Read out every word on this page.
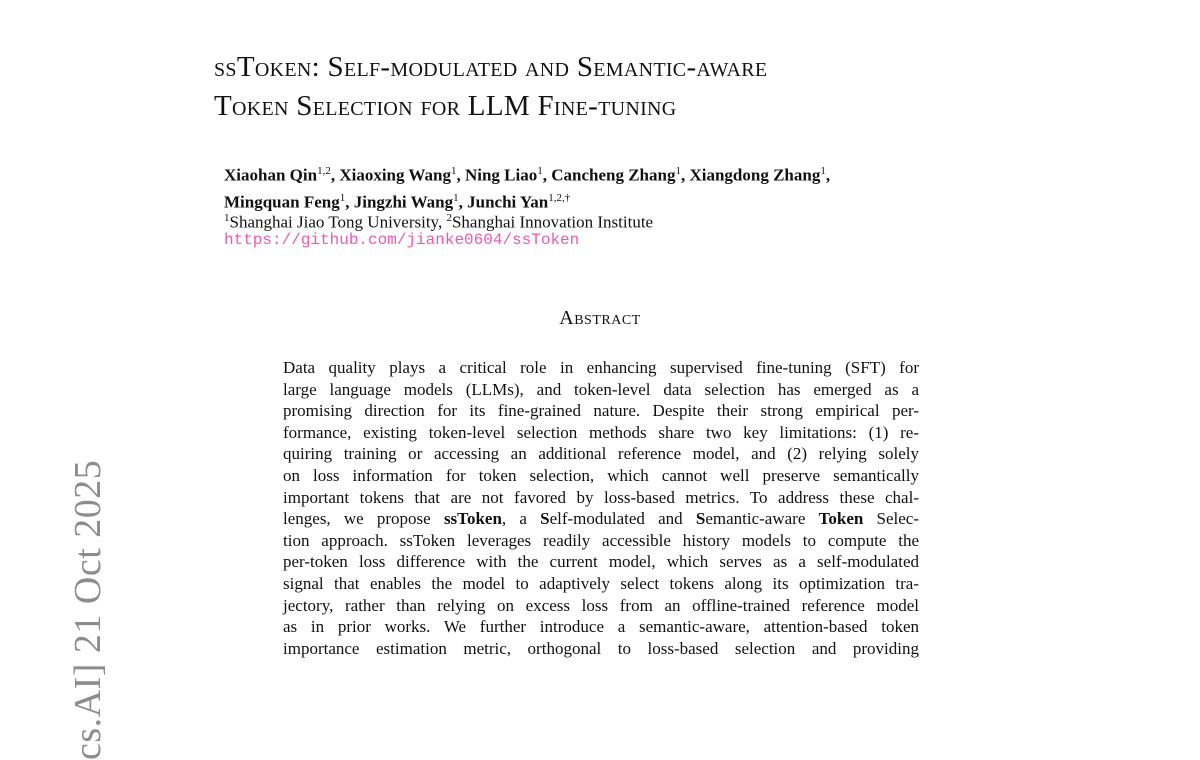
cs.AI] 21 Oct 2025
ssToken: Self-modulated and Semantic-aware
Token Selection for LLM Fine-tuning
Xiaohan Qin$^{1,2}$, Xiaoxing Wang$^1$, Ning Liao$^1$, Cancheng Zhang$^1$, Xiangdong Zhang$^1$,
Mingquan Feng$^1$, Jingzhi Wang$^1$, Junchi Yan$^{1,2,\dagger}$
$^1$Shanghai Jiao Tong University, $^2$Shanghai Innovation Institute
https://github.com/jianke0604/ssToken
Abstract
Data quality plays a critical role in enhancing supervised fine-tuning (SFT) for
large language models (LLMs), and token-level data selection has emerged as a
promising direction for its fine-grained nature. Despite their strong empirical per-
formance, existing token-level selection methods share two key limitations: (1) re-
quiring training or accessing an additional reference model, and (2) relying solely
on loss information for token selection, which cannot well preserve semantically
important tokens that are not favored by loss-based metrics. To address these chal-
lenges, we propose ssToken, a Self-modulated and Semantic-aware Token Selec-
tion approach. ssToken leverages readily accessible history models to compute the
per-token loss difference with the current model, which serves as a self-modulated
signal that enables the model to adaptively select tokens along its optimization tra-
jectory, rather than relying on excess loss from an offline-trained reference model
as in prior works. We further introduce a semantic-aware, attention-based token
importance estimation metric, orthogonal to loss-based selection and providing
